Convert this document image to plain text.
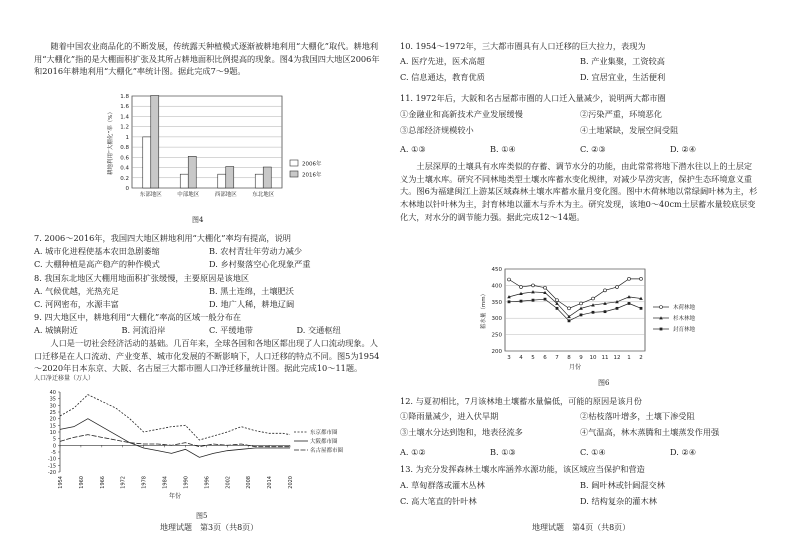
随着中国农业商品化的不断发展，传统露天种植模式逐渐被耕地利用“大棚化”取代。耕地利用“大棚化”指的是大棚面积扩张及其所占耕地面积比例提高的现象。图4为我国四大地区2006年和2016年耕地利用“大棚化”率统计图。据此完成7～9题。

0
0.2
0.4
0.6
0.8
1
1.2
1.4
1.6
1.8
耕地利用“大棚化”率（%）
东部地区	中部地区	西部地区	东北地区
2006年
2016年
图4

7. 2006～2016年，我国四大地区耕地利用“大棚化”率均有提高，说明

A. 城市化进程使基本农田急剧萎缩	B. 农村青壮年劳动力减少
C. 大棚种植是高产稳产的种作模式	D. 乡村聚落空心化现象严重

8. 我国东北地区大棚用地面积扩张缓慢，主要原因是该地区

A. 气候优越，光热充足	B. 黑土连绵，土壤肥沃
C. 河网密布，水源丰富	D. 地广人稀，耕地辽阔

9. 四大地区中，耕地利用“大棚化”率高的区域一般分布在

A. 城镇附近	B. 河流沿岸	C. 平缓地带	D. 交通枢纽

人口是一切社会经济活动的基础。几百年来，全球各国和各地区都出现了人口流动现象。人口迁移是在人口流动、产业变革、城市化发展的不断影响下，人口迁移的特点不同。图5为1954～2020年日本东京、大阪、名古屋三大都市圈人口净迁移量统计图。据此完成10～11题。

人口净迁移量（万人）
-20
-15
-10
-5
0
5
10
15
20
25
30
35
40
1954	1960	1966	1972	1978	1984	1990	1996	2002	2008	2014	2020
年份
东京都市圈
大阪都市圈
名古屋都市圈
图5
地理试题　第3页（共8页）

10. 1954～1972年，三大都市圈具有人口迁移的巨大拉力，表现为

A. 医疗先进，医术高超	B. 产业集聚，工资较高
C. 信息通达，教育优质	D. 宜居宜业，生活便利

11. 1972年后，大阪和名古屋都市圈的人口迁入量减少，说明两大都市圈

①金融业和高新技术产业发展缓慢	②污染严重，环境恶化
③总部经济规模较小	④土地紧缺，发展空间受阻
A. ①③	B. ①④	C. ②③	D. ②④

土层深厚的土壤具有水库类似的存蓄、调节水分的功能，由此常常将地下潜水往以上的土层定义为土壤水库。研究不同林地类型土壤水库蓄水变化规律，对减少旱涝灾害，保护生态环境意义重大。图6为福建闽江上游某区域森林土壤水库蓄水量月变化图。图中木荷林地以常绿阔叶林为主，杉木林地以针叶林为主，封育林地以灌木与乔木为主。研究发现，该地0～40cm土层蓄水量较底层变化大，对水分的调节能力强。据此完成12～14题。

200
250
300
350
400
450
蓄水量（mm）
3 4 5 6 7 8 9 10 11 12 1 2
月份
木荷林地
杉木林地
封育林地
图6

12. 与夏初相比，7月该林地土壤蓄水量偏低，可能的原因是该月份

①降雨量减少，进入伏旱期	②枯枝落叶增多，土壤下渗受阻
③土壤水分达到饱和，地表径流多	④气温高，林木蒸腾和土壤蒸发作用强
A. ①②	B. ①③	C. ①④	D. ②④

13. 为充分发挥森林土壤水库涵养水源功能，该区域应当保护和营造

A. 草甸群落或灌木丛林	B. 阔叶林或针阔混交林
C. 高大笔直的针叶林	D. 结构复杂的灌木林
地理试题　第4页（共8页）
